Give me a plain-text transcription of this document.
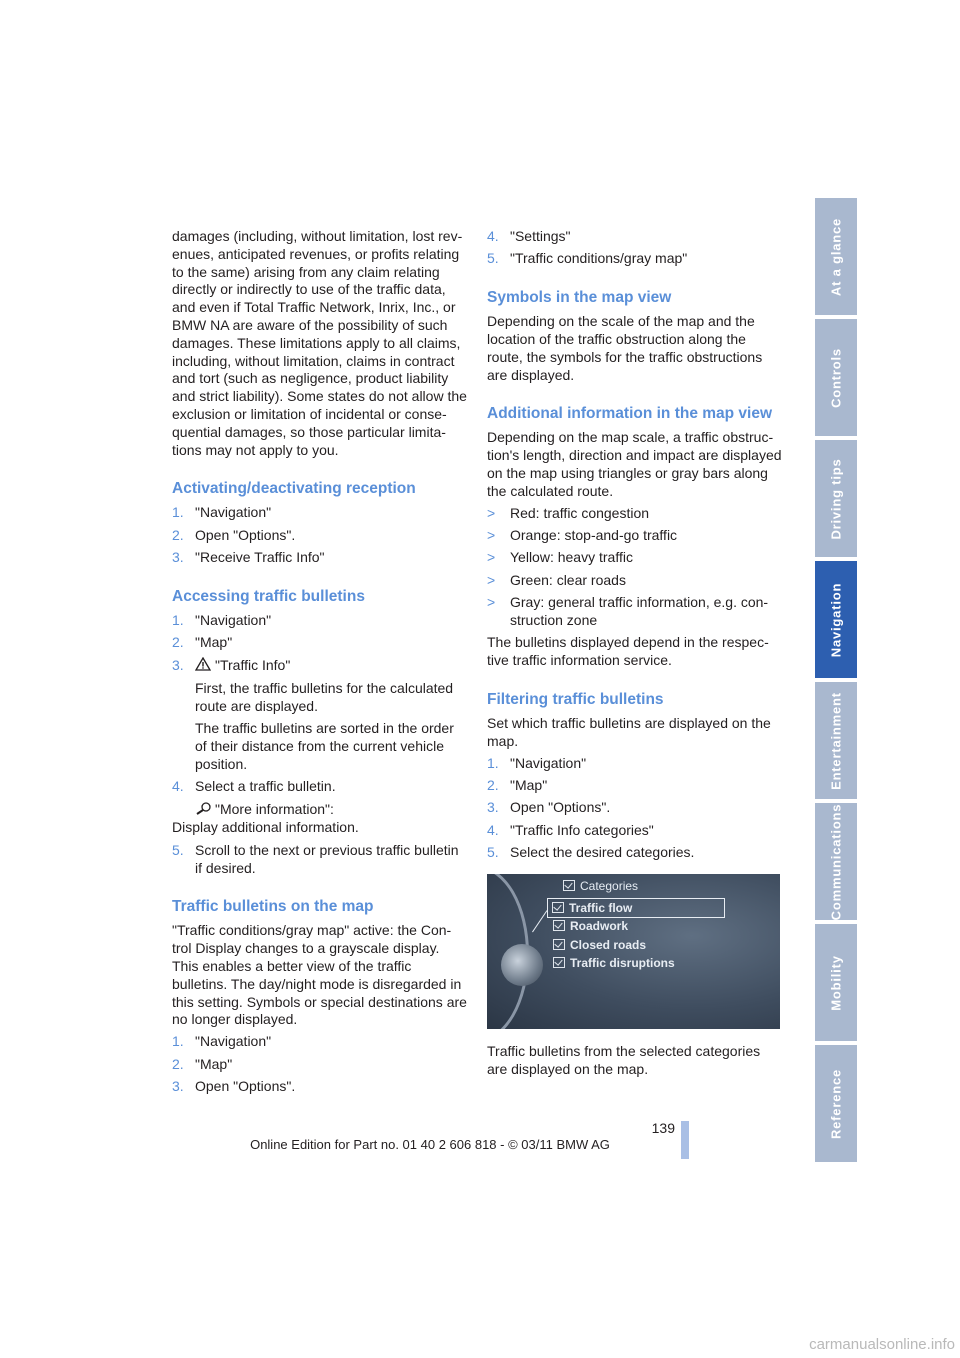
damages (including, without limitation, lost rev-enues, anticipated revenues, or profits relating to the same) arising from any claim relating directly or indirectly to use of the traffic data, and even if Total Traffic Network, Inrix, Inc., or BMW NA are aware of the possibility of such damages. These limitations apply to all claims, including, without limitation, claims in contract and tort (such as negligence, product liability and strict liability). Some states do not allow the exclusion or limitation of incidental or conse-quential damages, so those particular limita-tions may not apply to you.

Activating/deactivating reception
1. "Navigation"
2. Open "Options".
3. "Receive Traffic Info"
Accessing traffic bulletins
1. "Navigation"
2. "Map"
3. "Traffic Info"
First, the traffic bulletins for the calculated route are displayed.
The traffic bulletins are sorted in the order of their distance from the current vehicle position.
4. Select a traffic bulletin.
"More information":
Display additional information.
5. Scroll to the next or previous traffic bulletin if desired.
Traffic bulletins on the map

"Traffic conditions/gray map" active: the Con-trol Display changes to a grayscale display. This enables a better view of the traffic bulletins. The day/night mode is disregarded in this setting. Symbols or special destinations are no longer displayed.

1. "Navigation"
2. "Map"
3. Open "Options".
4. "Settings"
5. "Traffic conditions/gray map"
Symbols in the map view

Depending on the scale of the map and the location of the traffic obstruction along the route, the symbols for the traffic obstructions are displayed.

Additional information in the map view

Depending on the map scale, a traffic obstruc-tion's length, direction and impact are displayed on the map using triangles or gray bars along the calculated route.

> Red: traffic congestion
> Orange: stop-and-go traffic
> Yellow: heavy traffic
> Green: clear roads
> Gray: general traffic information, e.g. con-struction zone

The bulletins displayed depend in the respec-tive traffic information service.

Filtering traffic bulletins

Set which traffic bulletins are displayed on the map.

1. "Navigation"
2. "Map"
3. Open "Options".
4. "Traffic Info categories"
5. Select the desired categories.
Categories
Traffic flow
Roadwork
Closed roads
Traffic disruptions

Traffic bulletins from the selected categories are displayed on the map.

At a glance
Controls
Driving tips
Navigation
Entertainment
Communications
Mobility
Reference
139
Online Edition for Part no. 01 40 2 606 818 - © 03/11 BMW AG
carmanualsonline.info
